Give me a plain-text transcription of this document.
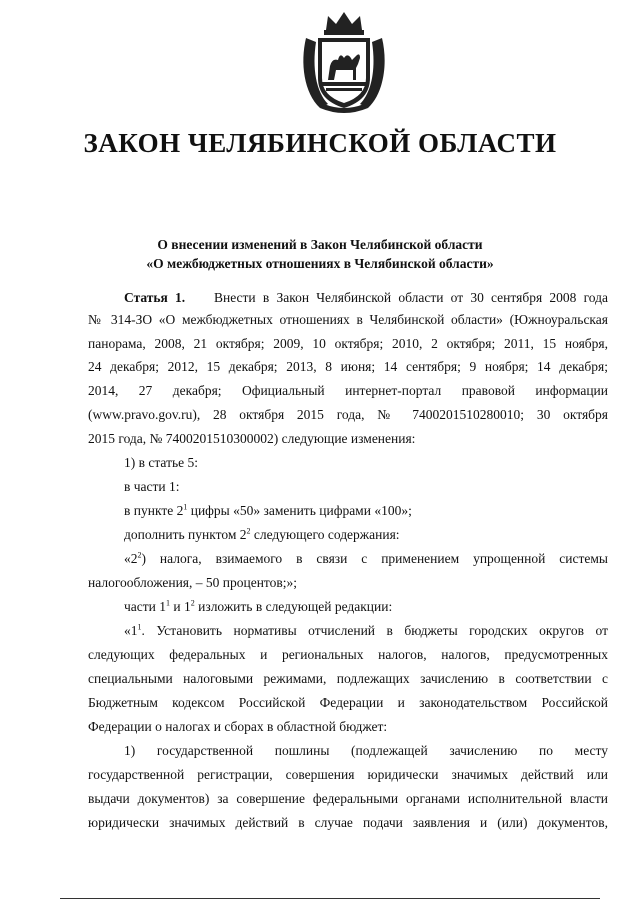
ЗАКОН ЧЕЛЯБИНСКОЙ ОБЛАСТИ
О внесении изменений в Закон Челябинской области
«О межбюджетных отношениях в Челябинской области»
Статья 1. Внести в Закон Челябинской области от 30 сентября 2008 года
№ 314-ЗО «О межбюджетных отношениях в Челябинской области» (Южноуральская
панорама, 2008, 21 октября; 2009, 10 октября; 2010, 2 октября; 2011, 15 ноября,
24 декабря; 2012, 15 декабря; 2013, 8 июня; 14 сентября; 9 ноября; 14 декабря;
2014, 27 декабря; Официальный интернет-портал правовой информации
(www.pravo.gov.ru), 28 октября 2015 года, № 7400201510280010; 30 октября
2015 года, № 7400201510300002) следующие изменения:
1) в статье 5:
в части 1:
в пункте $2^1$ цифры «50» заменить цифрами «100»;
дополнить пунктом $2^2$ следующего содержания:
«$2^2$) налога, взимаемого в связи с применением упрощенной системы
налогообложения, – 50 процентов;»;
части $1^1$ и $1^2$ изложить в следующей редакции:
«$1^1$. Установить нормативы отчислений в бюджеты городских округов от
следующих федеральных и региональных налогов, налогов, предусмотренных
специальными налоговыми режимами, подлежащих зачислению в соответствии с
Бюджетным кодексом Российской Федерации и законодательством Российской
Федерации о налогах и сборах в областной бюджет:
1) государственной пошлины (подлежащей зачислению по месту
государственной регистрации, совершения юридически значимых действий или
выдачи документов) за совершение федеральными органами исполнительной власти
юридически значимых действий в случае подачи заявления и (или) документов,
